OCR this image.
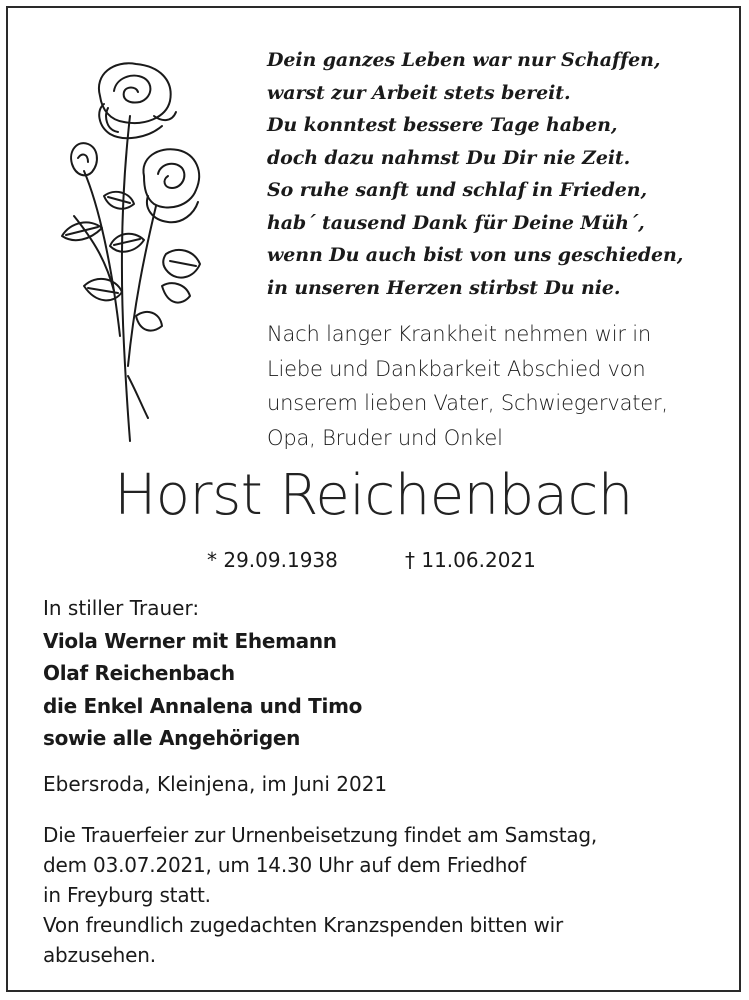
Dein ganzes Leben war nur Schaffen,
warst zur Arbeit stets bereit.
Du konntest bessere Tage haben,
doch dazu nahmst Du Dir nie Zeit.
So ruhe sanft und schlaf in Frieden,
hab´ tausend Dank für Deine Müh´,
wenn Du auch bist von uns geschieden,
in unseren Herzen stirbst Du nie.
Nach langer Krankheit nehmen wir in
Liebe und Dankbarkeit Abschied von
unserem lieben Vater, Schwiegervater,
Opa, Bruder und Onkel
Horst Reichenbach
* 29.09.1938	† 11.06.2021
In stiller Trauer:
Viola Werner mit Ehemann
Olaf Reichenbach
die Enkel Annalena und Timo
sowie alle Angehörigen
Ebersroda, Kleinjena, im Juni 2021
Die Trauerfeier zur Urnenbeisetzung findet am Samstag,
dem 03.07.2021, um 14.30 Uhr auf dem Friedhof
in Freyburg statt.
Von freundlich zugedachten Kranzspenden bitten wir
abzusehen.
